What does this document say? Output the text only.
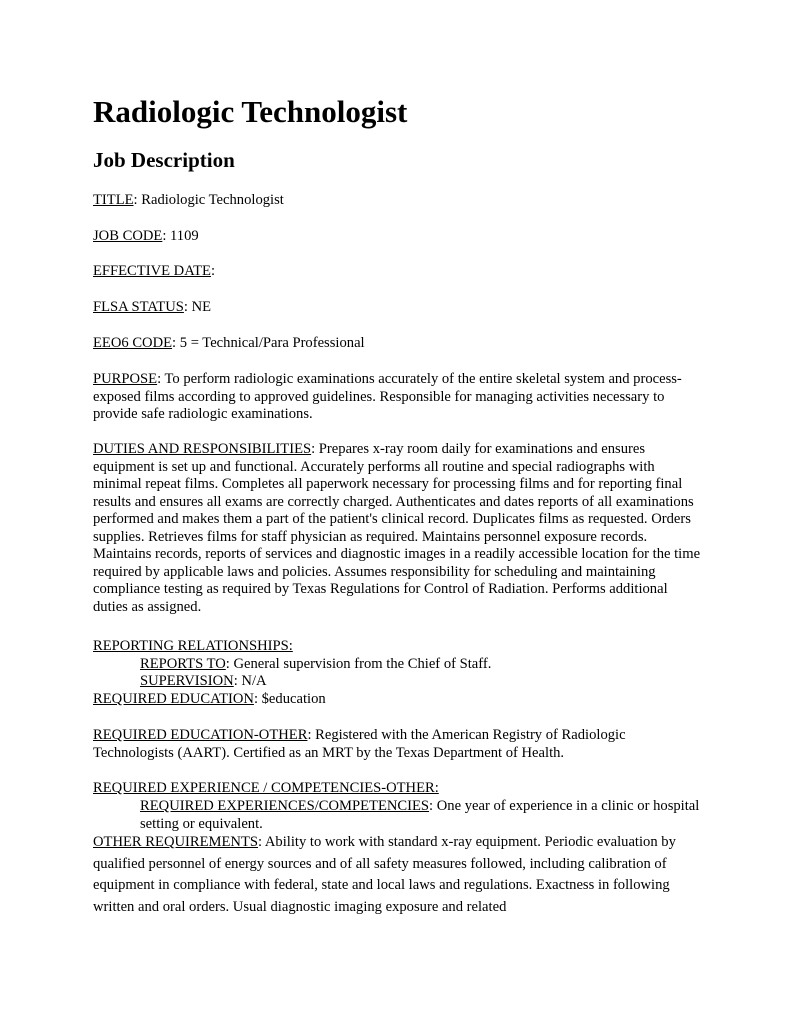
Radiologic Technologist
Job Description

TITLE: Radiologic Technologist

JOB CODE: 1109

EFFECTIVE DATE:

FLSA STATUS: NE

EEO6 CODE: 5 = Technical/Para Professional

PURPOSE: To perform radiologic examinations accurately of the entire skeletal system and process-exposed films according to approved guidelines. Responsible for managing activities necessary to provide safe radiologic examinations.

DUTIES AND RESPONSIBILITIES: Prepares x-ray room daily for examinations and ensures equipment is set up and functional. Accurately performs all routine and special radiographs with minimal repeat films. Completes all paperwork necessary for processing films and for reporting final results and ensures all exams are correctly charged. Authenticates and dates reports of all examinations performed and makes them a part of the patient's clinical record. Duplicates films as requested. Orders supplies. Retrieves films for staff physician as required. Maintains personnel exposure records. Maintains records, reports of services and diagnostic images in a readily accessible location for the time required by applicable laws and policies. Assumes responsibility for scheduling and maintaining compliance testing as required by Texas Regulations for Control of Radiation. Performs additional duties as assigned.

REPORTING RELATIONSHIPS:

REPORTS TO: General supervision from the Chief of Staff.

SUPERVISION: N/A

REQUIRED EDUCATION: $education

REQUIRED EDUCATION-OTHER: Registered with the American Registry of Radiologic Technologists (AART). Certified as an MRT by the Texas Department of Health.

REQUIRED EXPERIENCE / COMPETENCIES-OTHER:

REQUIRED EXPERIENCES/COMPETENCIES: One year of experience in a clinic or hospital setting or equivalent.

OTHER REQUIREMENTS: Ability to work with standard x-ray equipment. Periodic evaluation by qualified personnel of energy sources and of all safety measures followed, including calibration of equipment in compliance with federal, state and local laws and regulations. Exactness in following written and oral orders. Usual diagnostic imaging exposure and related
